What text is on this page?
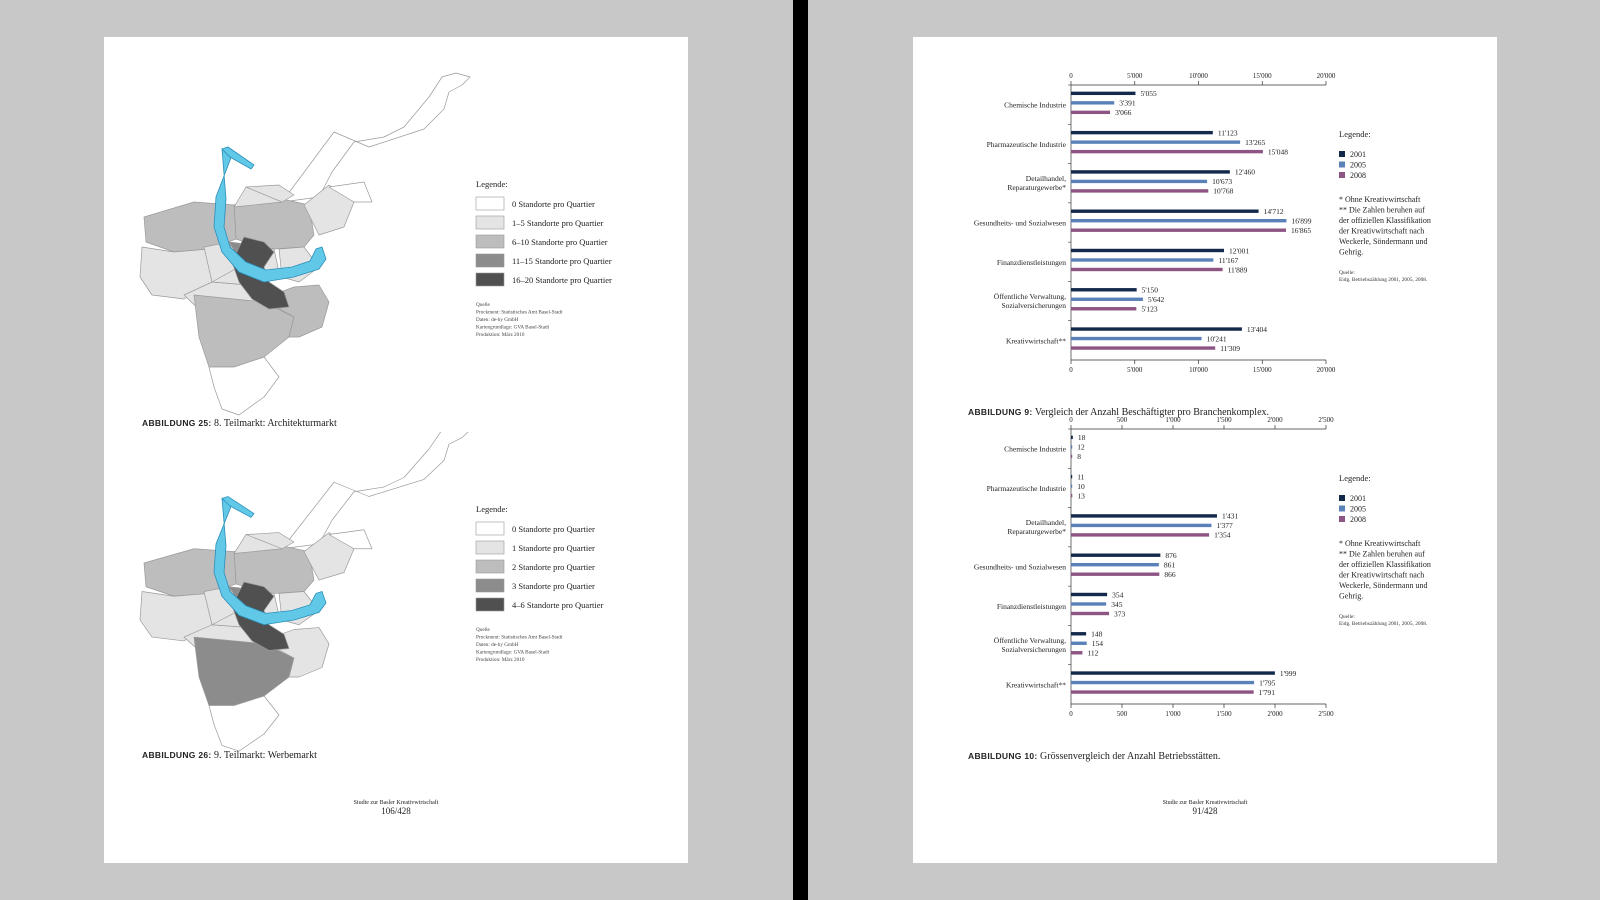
Legende:
0 Standorte pro Quartier
1–5 Standorte pro Quartier
6–10 Standorte pro Quartier
11–15 Standorte pro Quartier
16–20 Standorte pro Quartier
Quelle
Prockment: Statistisches Amt Basel-Stadt
Daten: de-hy GmbH
Kartengrundlage: GVA Basel-Stadt
Produktion: März 2010
ABBILDUNG 25: 8. Teilmarkt: Architekturmarkt
Legende:
0 Standorte pro Quartier
1 Standorte pro Quartier
2 Standorte pro Quartier
3 Standorte pro Quartier
4–6 Standorte pro Quartier
Quelle
Prockment: Statistisches Amt Basel-Stadt
Daten: de-hy GmbH
Kartengrundlage: GVA Basel-Stadt
Produktion: März 2010
ABBILDUNG 26: 9. Teilmarkt: Werbemarkt
Studie zur Basler Kreativwirtschaft
106/428
0
0
5'000
5'000
10'000
10'000
15'000
15'000
20'000
20'000
Chemische Industrie
5'055
3'391
3'066
Pharmazeutische Industrie
11'123
13'265
15'048
Detailhandel,
Reparaturgewerbe*
12'460
10'673
10'768
Gesundheits- und Sozialwesen
14'712
16'899
16'865
Finanzdienstleistungen
12'001
11'167
11'889
Öffentliche Verwaltung,
Sozialversicherungen
5'150
5'642
5'123
Kreativwirtschaft**
13'404
10'241
11'309
Legende:
2001
2005
2008
* Ohne Kreativwirtschaft
** Die Zahlen beruhen auf
der offiziellen Klassifikation
der Kreativwirtschaft nach
Weckerle, Söndermann und
Gehrig.
Quelle:
Eidg. Betriebszählung 2001, 2005, 2008.
ABBILDUNG 9: Vergleich der Anzahl Beschäftigter pro Branchenkomplex.
0
0
500
500
1'000
1'000
1'500
1'500
2'000
2'000
2'500
2'500
Chemische Industrie
18
12
8
Pharmazeutische Industrie
11
10
13
Detailhandel,
Reparaturgewerbe*
1'431
1'377
1'354
Gesundheits- und Sozialwesen
876
861
866
Finanzdienstleistungen
354
345
373
Öffentliche Verwaltung,
Sozialversicherungen
148
154
112
Kreativwirtschaft**
1'999
1'795
1'791
Legende:
2001
2005
2008
* Ohne Kreativwirtschaft
** Die Zahlen beruhen auf
der offiziellen Klassifikation
der Kreativwirtschaft nach
Weckerle, Söndermann und
Gehrig.
Quelle:
Eidg. Betriebszählung 2001, 2005, 2008.
ABBILDUNG 10: Grössenvergleich der Anzahl Betriebsstätten.
Studie zur Basler Kreativwirtschaft
91/428
